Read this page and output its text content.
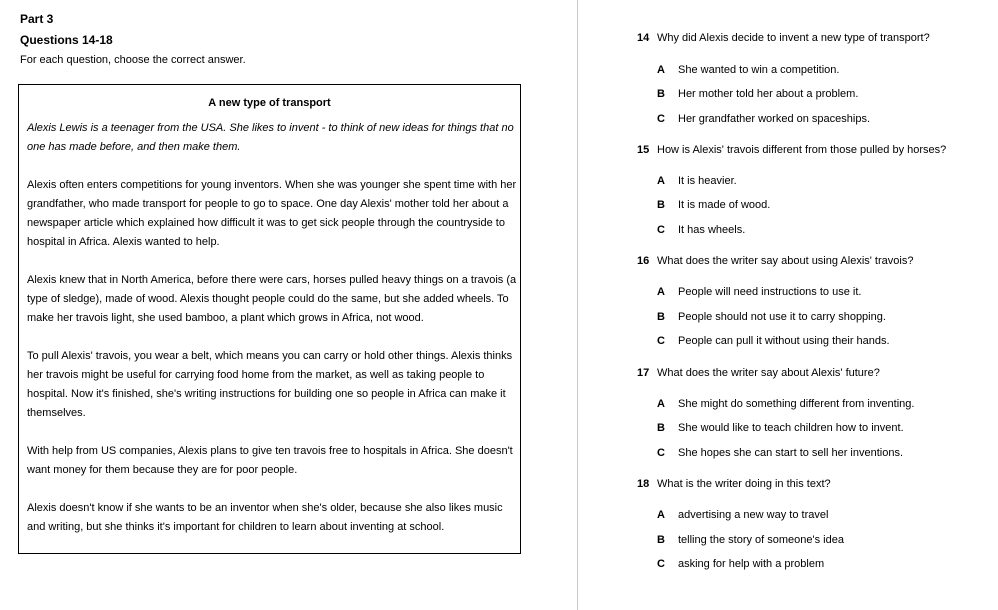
Part 3
Questions 14-18
For each question, choose the correct answer.
A new type of transport

Alexis Lewis is a teenager from the USA. She likes to invent - to think of new ideas for things that no one has made before, and then make them.

Alexis often enters competitions for young inventors. When she was younger she spent time with her grandfather, who made transport for people to go to space. One day Alexis' mother told her about a newspaper article which explained how difficult it was to get sick people through the countryside to hospital in Africa. Alexis wanted to help.

Alexis knew that in North America, before there were cars, horses pulled heavy things on a travois (a type of sledge), made of wood. Alexis thought people could do the same, but she added wheels. To make her travois light, she used bamboo, a plant which grows in Africa, not wood.

To pull Alexis' travois, you wear a belt, which means you can carry or hold other things. Alexis thinks her travois might be useful for carrying food home from the market, as well as taking people to hospital. Now it's finished, she's writing instructions for building one so people in Africa can make it themselves.

With help from US companies, Alexis plans to give ten travois free to hospitals in Africa. She doesn't want money for them because they are for poor people.

Alexis doesn't know if she wants to be an inventor when she's older, because she also likes music and writing, but she thinks it's important for children to learn about inventing at school.

14 Why did Alexis decide to invent a new type of transport?
A She wanted to win a competition.
B Her mother told her about a problem.
C Her grandfather worked on spaceships.
15 How is Alexis' travois different from those pulled by horses?
A It is heavier.
B It is made of wood.
C It has wheels.
16 What does the writer say about using Alexis' travois?
A People will need instructions to use it.
B People should not use it to carry shopping.
C People can pull it without using their hands.
17 What does the writer say about Alexis' future?
A She might do something different from inventing.
B She would like to teach children how to invent.
C She hopes she can start to sell her inventions.
18 What is the writer doing in this text?
A advertising a new way to travel
B telling the story of someone's idea
C asking for help with a problem
